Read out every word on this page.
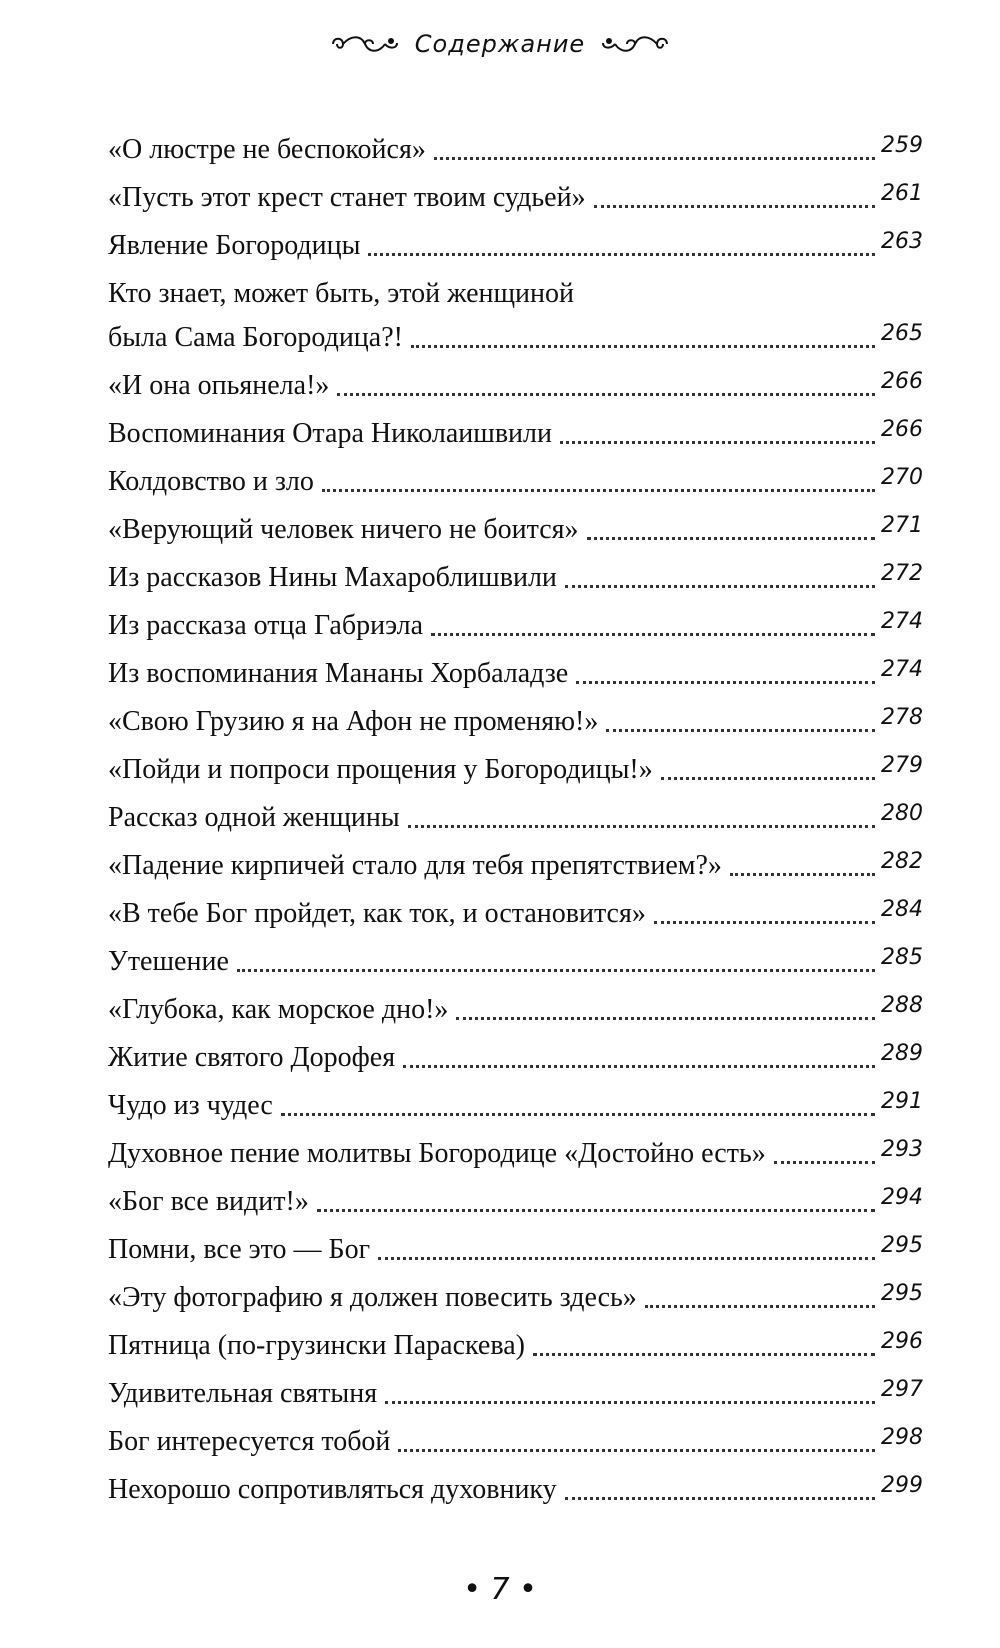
Содержание
«О люстре не беспокойся»	259
«Пусть этот крест станет твоим судьей»	261
Явление Богородицы	263
Кто знает, может быть, этой женщиной
была Сама Богородица?!	265
«И она опьянела!»	266
Воспоминания Отара Николаишвили	266
Колдовство и зло	270
«Верующий человек ничего не боится»	271
Из рассказов Нины Махароблишвили	272
Из рассказа отца Габриэла	274
Из воспоминания Мананы Хорбаладзе	274
«Свою Грузию я на Афон не променяю!»	278
«Пойди и попроси прощения у Богородицы!»	279
Рассказ одной женщины	280
«Падение кирпичей стало для тебя препятствием?»	282
«В тебе Бог пройдет, как ток, и остановится»	284
Утешение	285
«Глубока, как морское дно!»	288
Житие святого Дорофея	289
Чудо из чудес	291
Духовное пение молитвы Богородице «Достойно есть»	293
«Бог все видит!»	294
Помни, все это — Бог	295
«Эту фотографию я должен повесить здесь»	295
Пятница (по-грузински Параскева)	296
Удивительная святыня	297
Бог интересуется тобой	298
Нехорошо сопротивляться духовнику	299
• 7 •
